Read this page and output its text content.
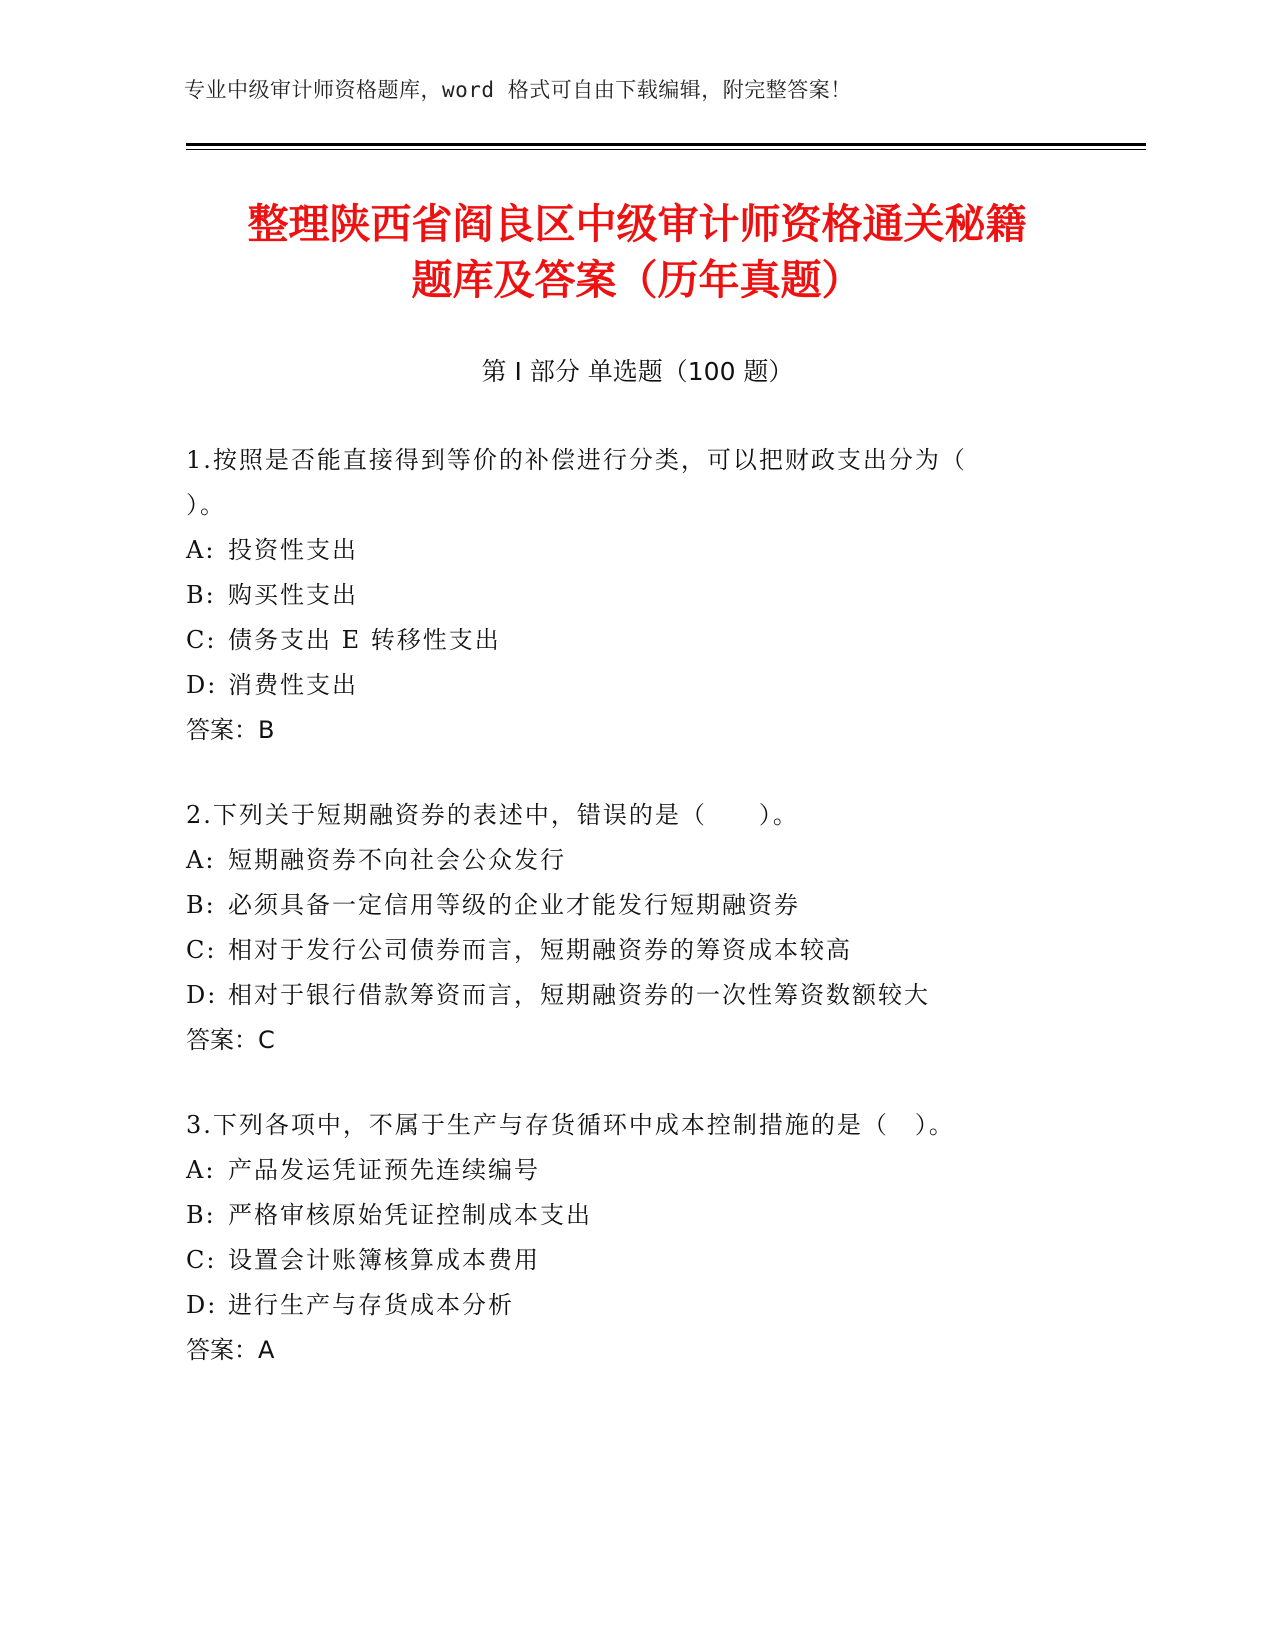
专业中级审计师资格题库，word 格式可自由下载编辑，附完整答案！
整理陕西省阎良区中级审计师资格通关秘籍
题库及答案（历年真题）
第 I 部分 单选题（100 题）

1.按照是否能直接得到等价的补偿进行分类，可以把财政支出分为（

）。

A: 投资性支出

B: 购买性支出

C: 债务支出 E 转移性支出

D: 消费性支出

答案：B

2.下列关于短期融资券的表述中，错误的是（　　）。

A: 短期融资券不向社会公众发行

B: 必须具备一定信用等级的企业才能发行短期融资券

C: 相对于发行公司债券而言，短期融资券的筹资成本较高

D: 相对于银行借款筹资而言，短期融资券的一次性筹资数额较大

答案：C

3.下列各项中，不属于生产与存货循环中成本控制措施的是（　）。

A: 产品发运凭证预先连续编号

B: 严格审核原始凭证控制成本支出

C: 设置会计账簿核算成本费用

D: 进行生产与存货成本分析

答案：A
